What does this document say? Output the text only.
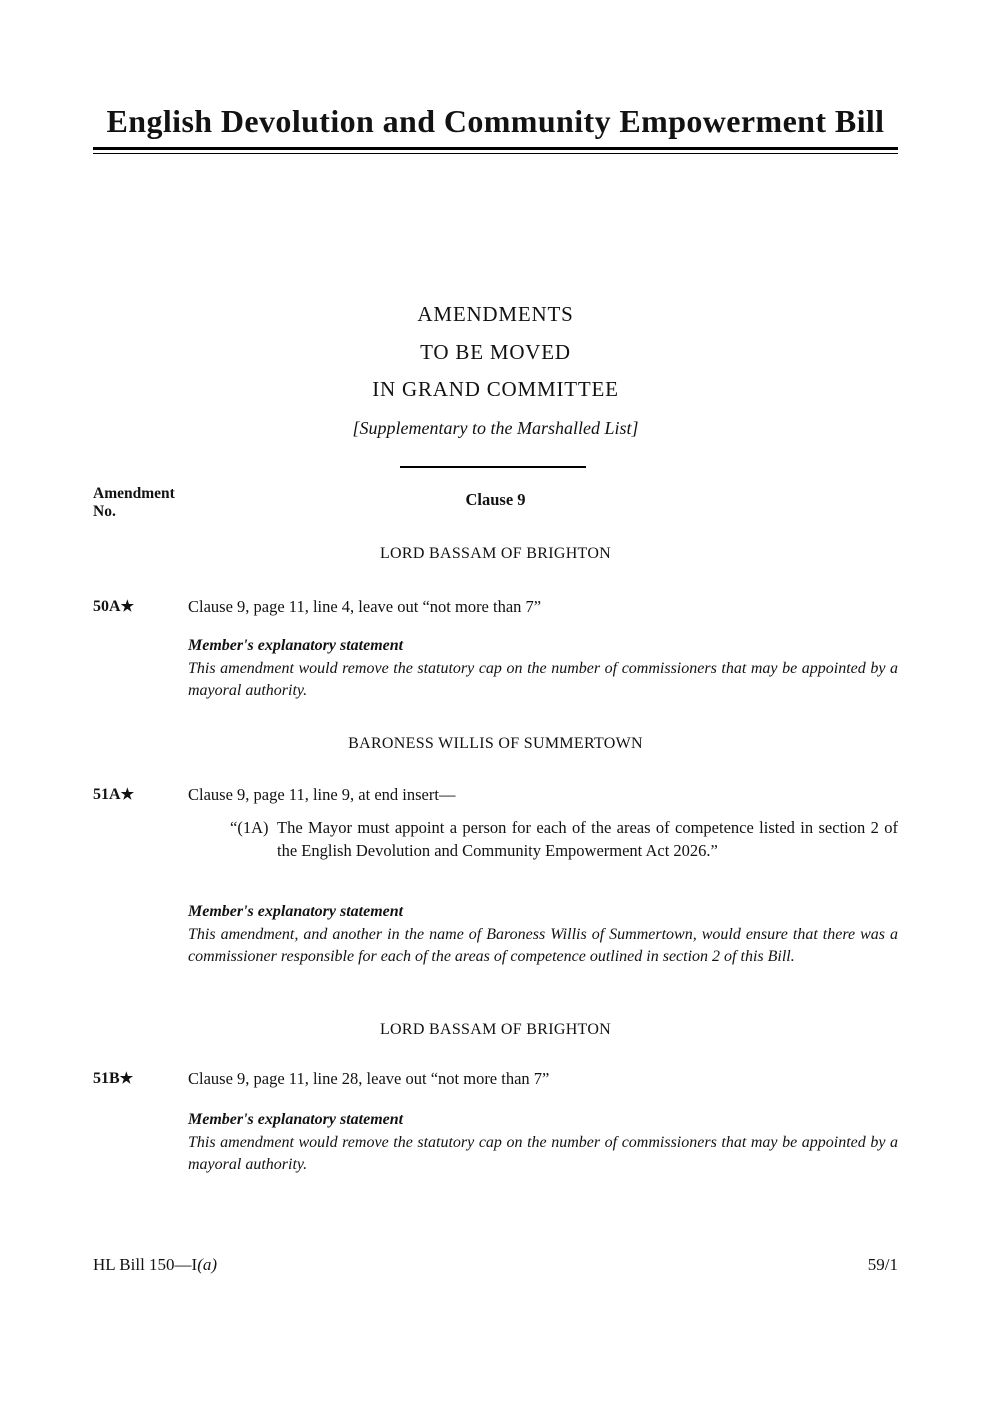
English Devolution and Community Empowerment Bill
AMENDMENTS
TO BE MOVED
IN GRAND COMMITTEE
[Supplementary to the Marshalled List]
Amendment
No.
Clause 9
LORD BASSAM OF BRIGHTON
50A★	Clause 9, page 11, line 4, leave out “not more than 7”
Member's explanatory statement
This amendment would remove the statutory cap on the number of commissioners that may be appointed by a mayoral authority.
BARONESS WILLIS OF SUMMERTOWN
51A★	Clause 9, page 11, line 9, at end insert—
“(1A) The Mayor must appoint a person for each of the areas of competence listed in section 2 of the English Devolution and Community Empowerment Act 2026.”
Member's explanatory statement
This amendment, and another in the name of Baroness Willis of Summertown, would ensure that there was a commissioner responsible for each of the areas of competence outlined in section 2 of this Bill.
LORD BASSAM OF BRIGHTON
51B★	Clause 9, page 11, line 28, leave out “not more than 7”
Member's explanatory statement
This amendment would remove the statutory cap on the number of commissioners that may be appointed by a mayoral authority.
HL Bill 150—I(a)	59/1
